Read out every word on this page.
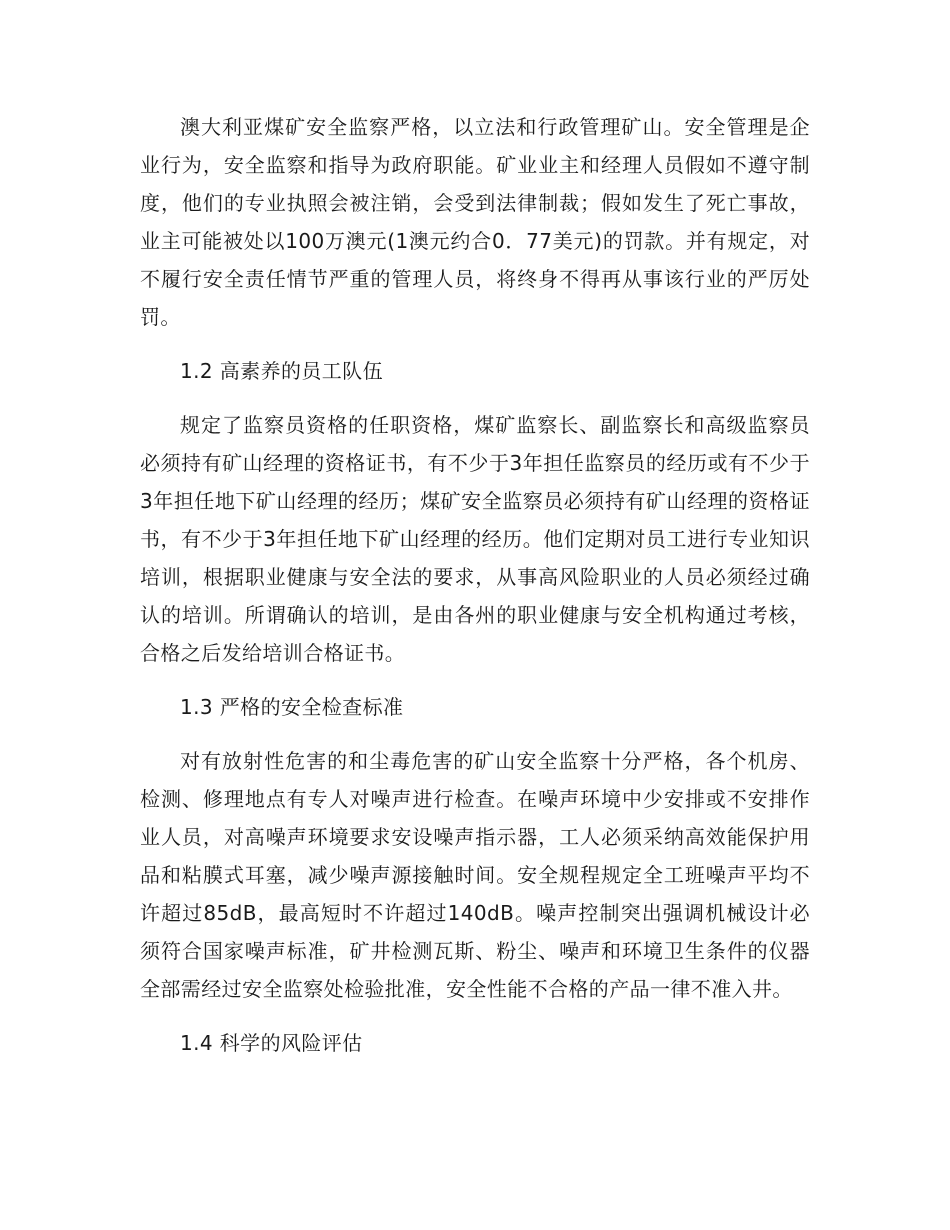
澳大利亚煤矿安全监察严格，以立法和行政管理矿山。安全管理是企业行为，安全监察和指导为政府职能。矿业业主和经理人员假如不遵守制度，他们的专业执照会被注销，会受到法律制裁；假如发生了死亡事故，业主可能被处以100万澳元(1澳元约合0．77美元)的罚款。并有规定，对不履行安全责任情节严重的管理人员，将终身不得再从事该行业的严厉处罚。

1.2 高素养的员工队伍

规定了监察员资格的任职资格，煤矿监察长、副监察长和高级监察员必须持有矿山经理的资格证书，有不少于3年担任监察员的经历或有不少于3年担任地下矿山经理的经历；煤矿安全监察员必须持有矿山经理的资格证书，有不少于3年担任地下矿山经理的经历。他们定期对员工进行专业知识培训，根据职业健康与安全法的要求，从事高风险职业的人员必须经过确认的培训。所谓确认的培训，是由各州的职业健康与安全机构通过考核，合格之后发给培训合格证书。

1.3 严格的安全检查标准

对有放射性危害的和尘毒危害的矿山安全监察十分严格，各个机房、检测、修理地点有专人对噪声进行检查。在噪声环境中少安排或不安排作业人员，对高噪声环境要求安设噪声指示器，工人必须采纳高效能保护用品和粘膜式耳塞，减少噪声源接触时间。安全规程规定全工班噪声平均不许超过85dB，最高短时不许超过140dB。噪声控制突出强调机械设计必须符合国家噪声标准，矿井检测瓦斯、粉尘、噪声和环境卫生条件的仪器全部需经过安全监察处检验批准，安全性能不合格的产品一律不准入井。

1.4 科学的风险评估
